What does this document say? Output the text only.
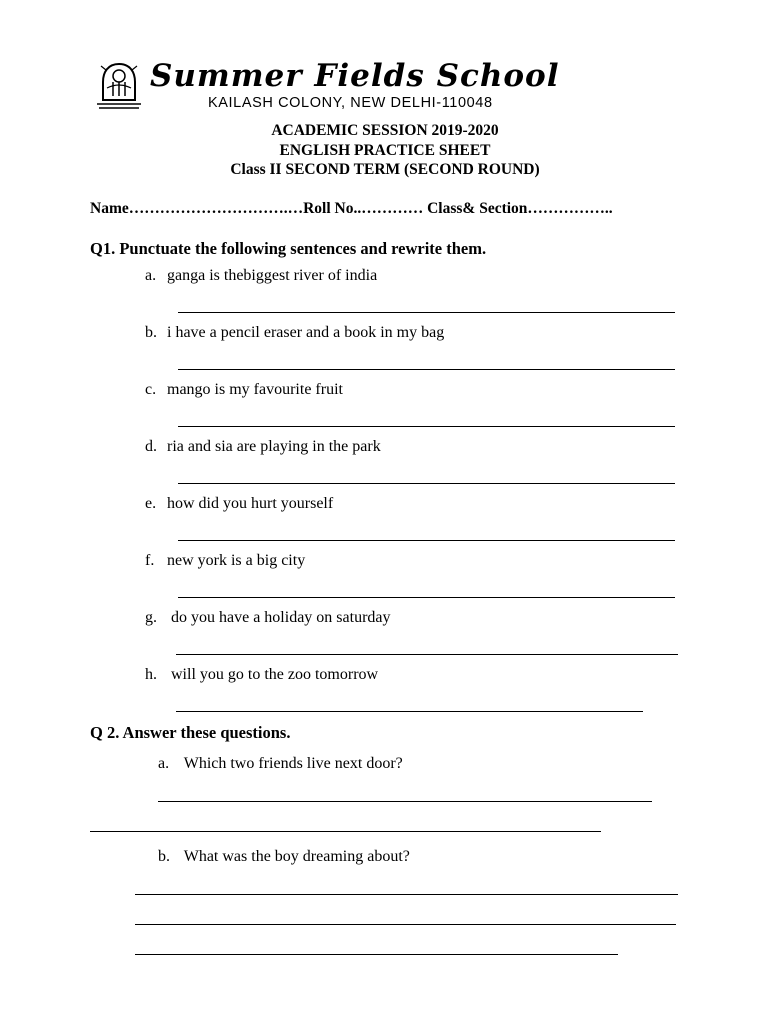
Summer Fields School
KAILASH COLONY, NEW DELHI-110048
ACADEMIC SESSION 2019-2020
ENGLISH PRACTICE SHEET
Class II SECOND TERM (SECOND ROUND)
Name………………………….…Roll No..………… Class& Section……………..
Q1. Punctuate the following sentences and rewrite them.
a. ganga is thebiggest river of india
b. i have a pencil eraser and a book in my bag
c. mango is my favourite fruit
d. ria and sia are playing in the park
e. how did you hurt yourself
f. new york is a big city
g. do you have a holiday on saturday
h. will you go to the zoo tomorrow
Q 2. Answer these questions.
a. Which two friends live next door?
b. What was the boy dreaming about?
